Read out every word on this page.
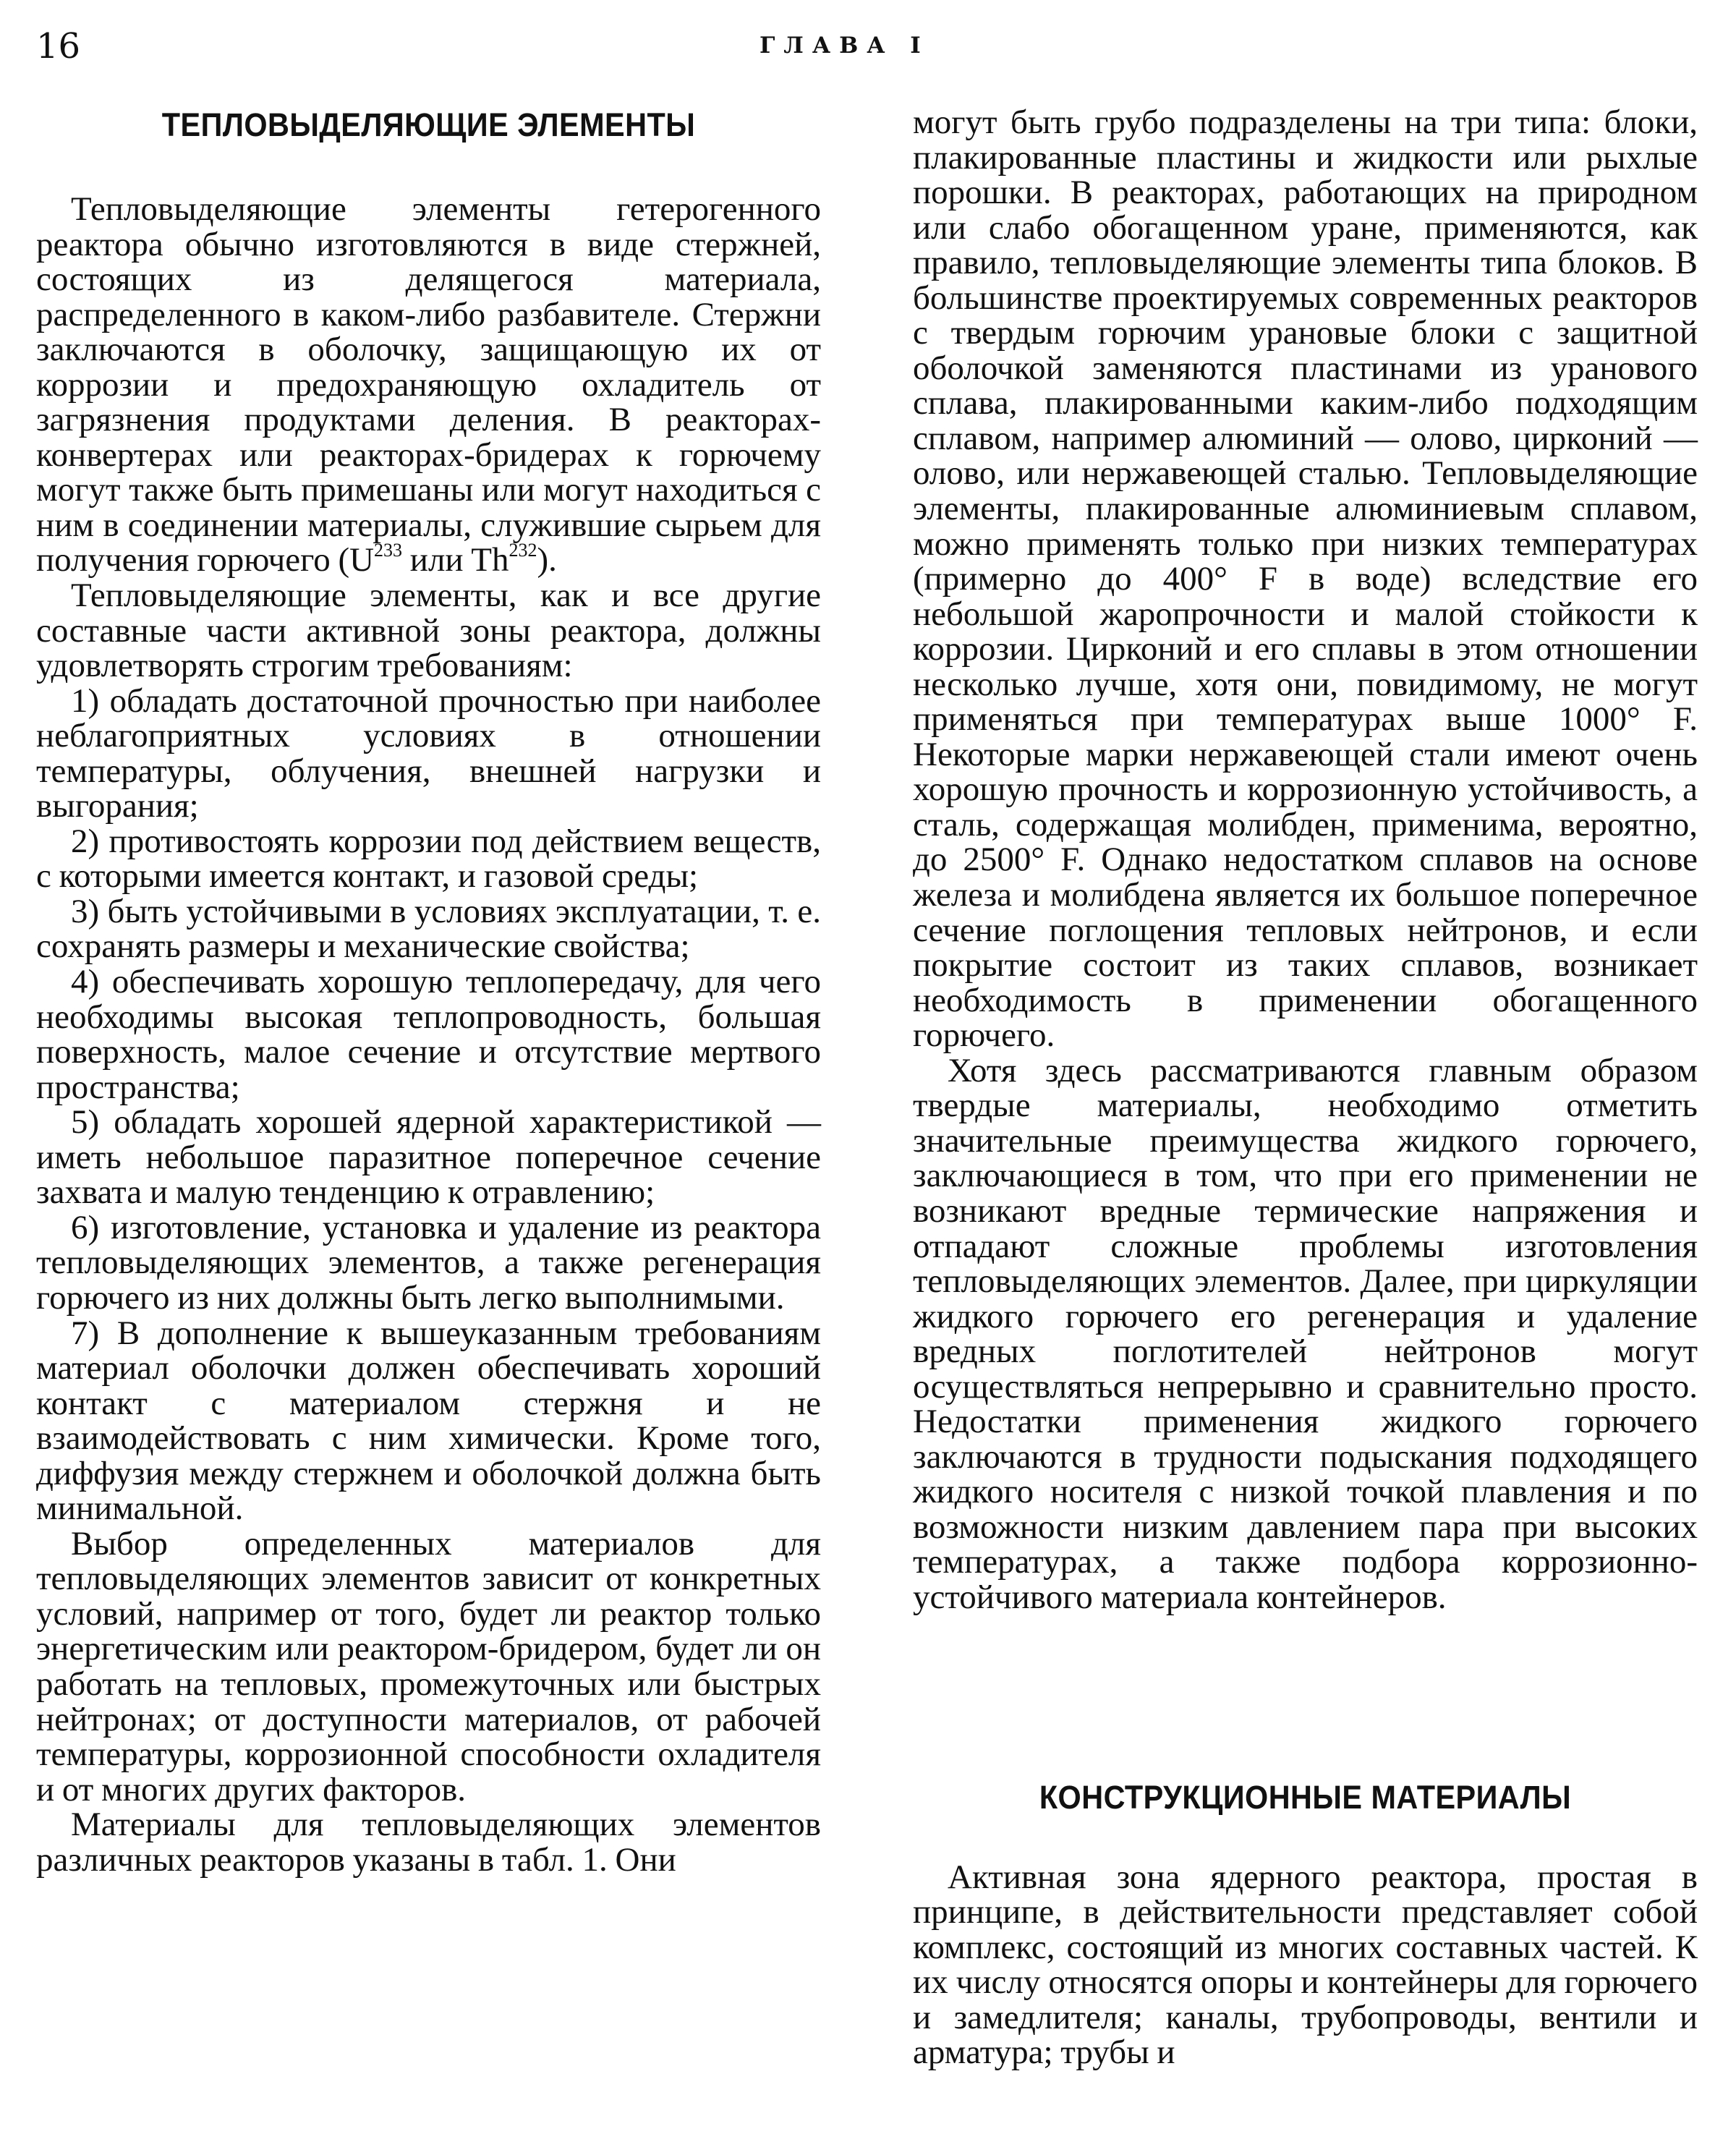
16	ГЛАВА I
ТЕПЛОВЫДЕЛЯЮЩИЕ ЭЛЕМЕНТЫ

Тепловыделяющие элементы гетерогенного реактора обычно изготовляются в виде стержней, состоящих из делящегося материала, распределенного в каком-либо разбавителе. Стержни заключаются в оболочку, защищающую их от коррозии и предохраняющую охладитель от загрязнения продуктами деления. В реакторах-конвертерах или реакторах-бридерах к горючему могут также быть примешаны или могут находиться с ним в соединении материалы, служившие сырьем для получения горючего ($U^{233}$ или Th$^{232}$).

Тепловыделяющие элементы, как и все другие составные части активной зоны реактора, должны удовлетворять строгим требованиям:

1) обладать достаточной прочностью при наиболее неблагоприятных условиях в отношении температуры, облучения, внешней нагрузки и выгорания;

2) противостоять коррозии под действием веществ, с которыми имеется контакт, и газовой среды;

3) быть устойчивыми в условиях эксплуатации, т. е. сохранять размеры и механические свойства;

4) обеспечивать хорошую теплопередачу, для чего необходимы высокая теплопроводность, большая поверхность, малое сечение и отсутствие мертвого пространства;

5) обладать хорошей ядерной характеристикой — иметь небольшое паразитное поперечное сечение захвата и малую тенденцию к отравлению;

6) изготовление, установка и удаление из реактора тепловыделяющих элементов, а также регенерация горючего из них должны быть легко выполнимыми.

7) В дополнение к вышеуказанным требованиям материал оболочки должен обеспечивать хороший контакт с материалом стержня и не взаимодействовать с ним химически. Кроме того, диффузия между стержнем и оболочкой должна быть минимальной.

Выбор определенных материалов для тепловыделяющих элементов зависит от конкретных условий, например от того, будет ли реактор только энергетическим или реактором-бридером, будет ли он работать на тепловых, промежуточных или быстрых нейтронах; от доступности материалов, от рабочей температуры, коррозионной способности охладителя и от многих других факторов.

Материалы для тепловыделяющих элементов различных реакторов указаны в табл. 1. Они

могут быть грубо подразделены на три типа: блоки, плакированные пластины и жидкости или рыхлые порошки. В реакторах, работающих на природном или слабо обогащенном уране, применяются, как правило, тепловыделяющие элементы типа блоков. В большинстве проектируемых современных реакторов с твердым горючим урановые блоки с защитной оболочкой заменяются пластинами из уранового сплава, плакированными каким-либо подходящим сплавом, например алюминий — олово, цирконий — олово, или нержавеющей сталью. Тепловыделяющие элементы, плакированные алюминиевым сплавом, можно применять только при низких температурах (примерно до 400° F в воде) вследствие его небольшой жаропрочности и малой стойкости к коррозии. Цирконий и его сплавы в этом отношении несколько лучше, хотя они, повидимому, не могут применяться при температурах выше 1000° F. Некоторые марки нержавеющей стали имеют очень хорошую прочность и коррозионную устойчивость, а сталь, содержащая молибден, применима, вероятно, до 2500° F. Однако недостатком сплавов на основе железа и молибдена является их большое поперечное сечение поглощения тепловых нейтронов, и если покрытие состоит из таких сплавов, возникает необходимость в применении обогащенного горючего.

Хотя здесь рассматриваются главным образом твердые материалы, необходимо отметить значительные преимущества жидкого горючего, заключающиеся в том, что при его применении не возникают вредные термические напряжения и отпадают сложные проблемы изготовления тепловыделяющих элементов. Далее, при циркуляции жидкого горючего его регенерация и удаление вредных поглотителей нейтронов могут осуществляться непрерывно и сравнительно просто. Недостатки применения жидкого горючего заключаются в трудности подыскания подходящего жидкого носителя с низкой точкой плавления и по возможности низким давлением пара при высоких температурах, а также подбора коррозионно-устойчивого материала контейнеров.

КОНСТРУКЦИОННЫЕ МАТЕРИАЛЫ

Активная зона ядерного реактора, простая в принципе, в действительности представляет собой комплекс, состоящий из многих составных частей. К их числу относятся опоры и контейнеры для горючего и замедлителя; каналы, трубопроводы, вентили и арматура; трубы и
